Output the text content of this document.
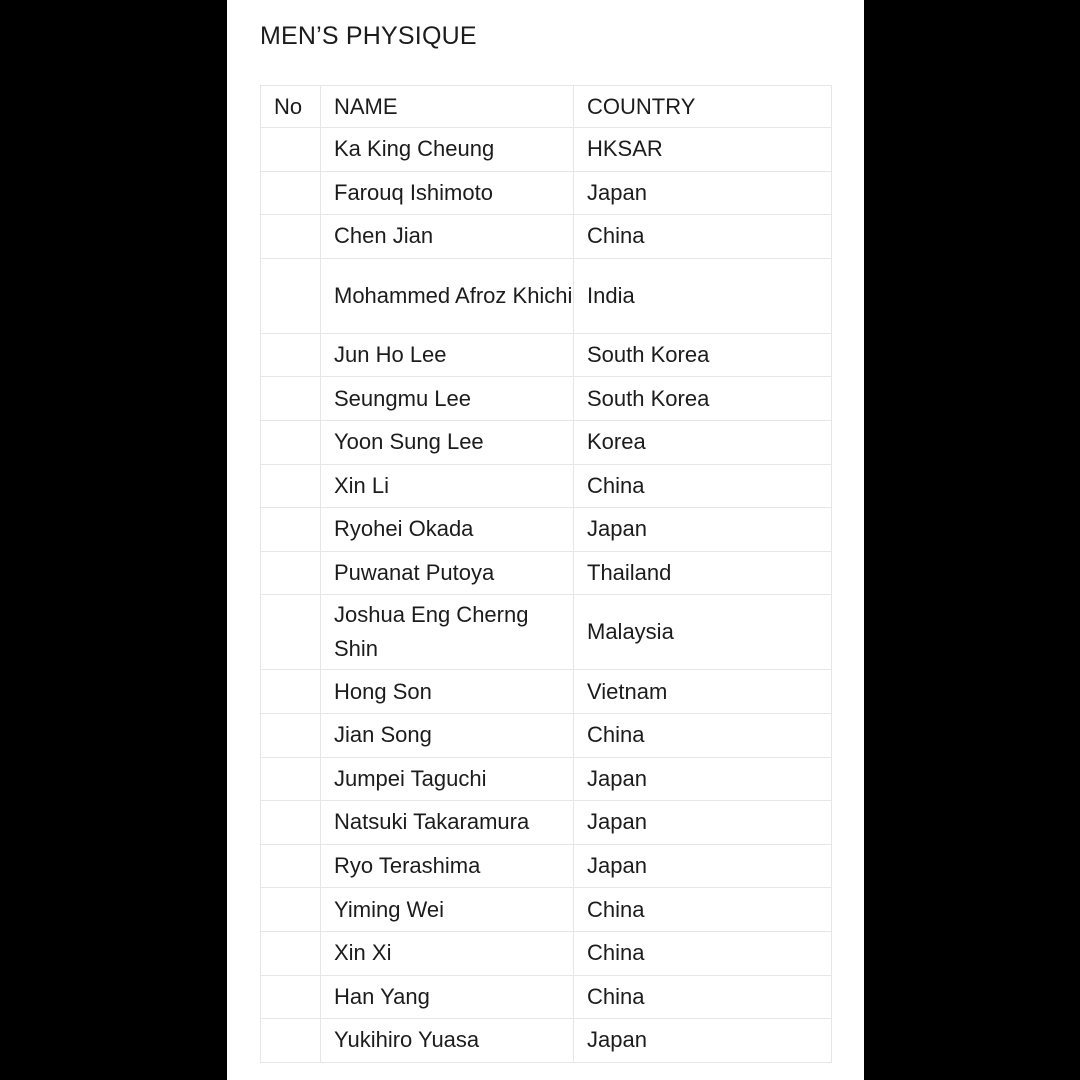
MEN’S PHYSIQUE
No	NAME	COUNTRY
	Ka King Cheung	HKSAR
	Farouq Ishimoto	Japan
	Chen Jian	China
	Mohammed Afroz Khichi	India
	Jun Ho Lee	South Korea
	Seungmu Lee	South Korea
	Yoon Sung Lee	Korea
	Xin Li	China
	Ryohei Okada	Japan
	Puwanat Putoya	Thailand
	Joshua Eng Cherng Shin	Malaysia
	Hong Son	Vietnam
	Jian Song	China
	Jumpei Taguchi	Japan
	Natsuki Takaramura	Japan
	Ryo Terashima	Japan
	Yiming Wei	China
	Xin Xi	China
	Han Yang	China
	Yukihiro Yuasa	Japan
